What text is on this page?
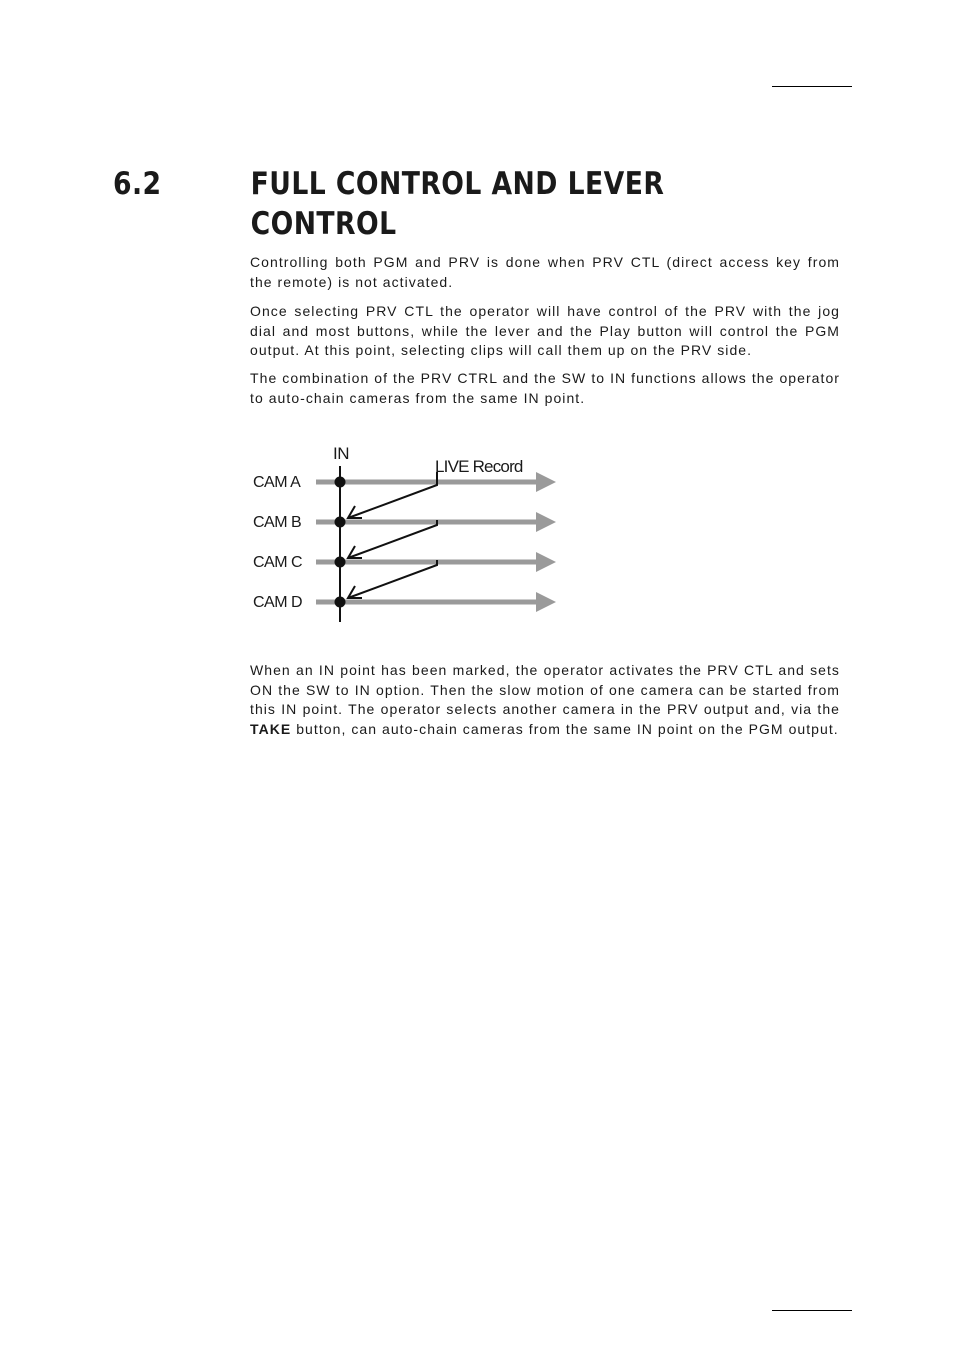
6.2	FULL CONTROL AND LEVER CONTROL

Controlling both PGM and PRV is done when PRV CTL (direct access key from the remote) is not activated.

Once selecting PRV CTL the operator will have control of the PRV with the jog dial and most buttons, while the lever and the Play button will control the PGM output. At this point, selecting clips will call them up on the PRV side.

The combination of the PRV CTRL and the SW to IN functions allows the operator to auto-chain cameras from the same IN point.

IN
LIVE Record
CAM A
CAM B
CAM C
CAM D

When an IN point has been marked, the operator activates the PRV CTL and sets ON the SW to IN option. Then the slow motion of one camera can be started from this IN point. The operator selects another camera in the PRV output and, via the TAKE button, can auto-chain cameras from the same IN point on the PGM output.
